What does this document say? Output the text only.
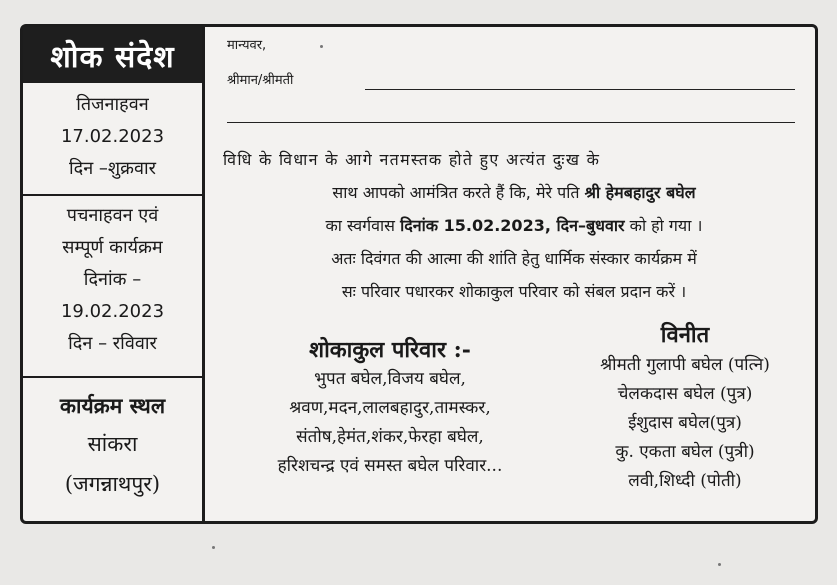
शोक संदेश
तिजनाहवन
17.02.2023
दिन –शुक्रवार
पचनाहवन एवं
सम्पूर्ण कार्यक्रम
दिनांक –
19.02.2023
दिन – रविवार
कार्यक्रम स्थल
सांकरा
(जगन्नाथपुर)
मान्यवर,
श्रीमान/श्रीमती

विधि के विधान के आगे नतमस्तक होते हुए अत्यंत दुःख के

साथ आपको आमंत्रित करते हैं कि, मेरे पति श्री हेमबहादुर बघेल

का स्वर्गवास दिनांक 15.02.2023, दिन–बुधवार को हो गया ।

अतः दिवंगत की आत्मा की शांति हेतु धार्मिक संस्कार कार्यक्रम में

सः परिवार पधारकर शोकाकुल परिवार को संबल प्रदान करें ।

शोकाकुल परिवार :-
भुपत बघेल,विजय बघेल,
श्रवण,मदन,लालबहादुर,तामस्कर,
संतोष,हेमंत,शंकर,फेरहा बघेल,
हरिशचन्द्र एवं समस्त बघेल परिवार...
विनीत
श्रीमती गुलापी बघेल (पत्नि)
चेलकदास बघेल (पुत्र)
ईशुदास बघेल(पुत्र)
कु. एकता बघेल (पुत्री)
लवी,शिध्दी (पोती)
